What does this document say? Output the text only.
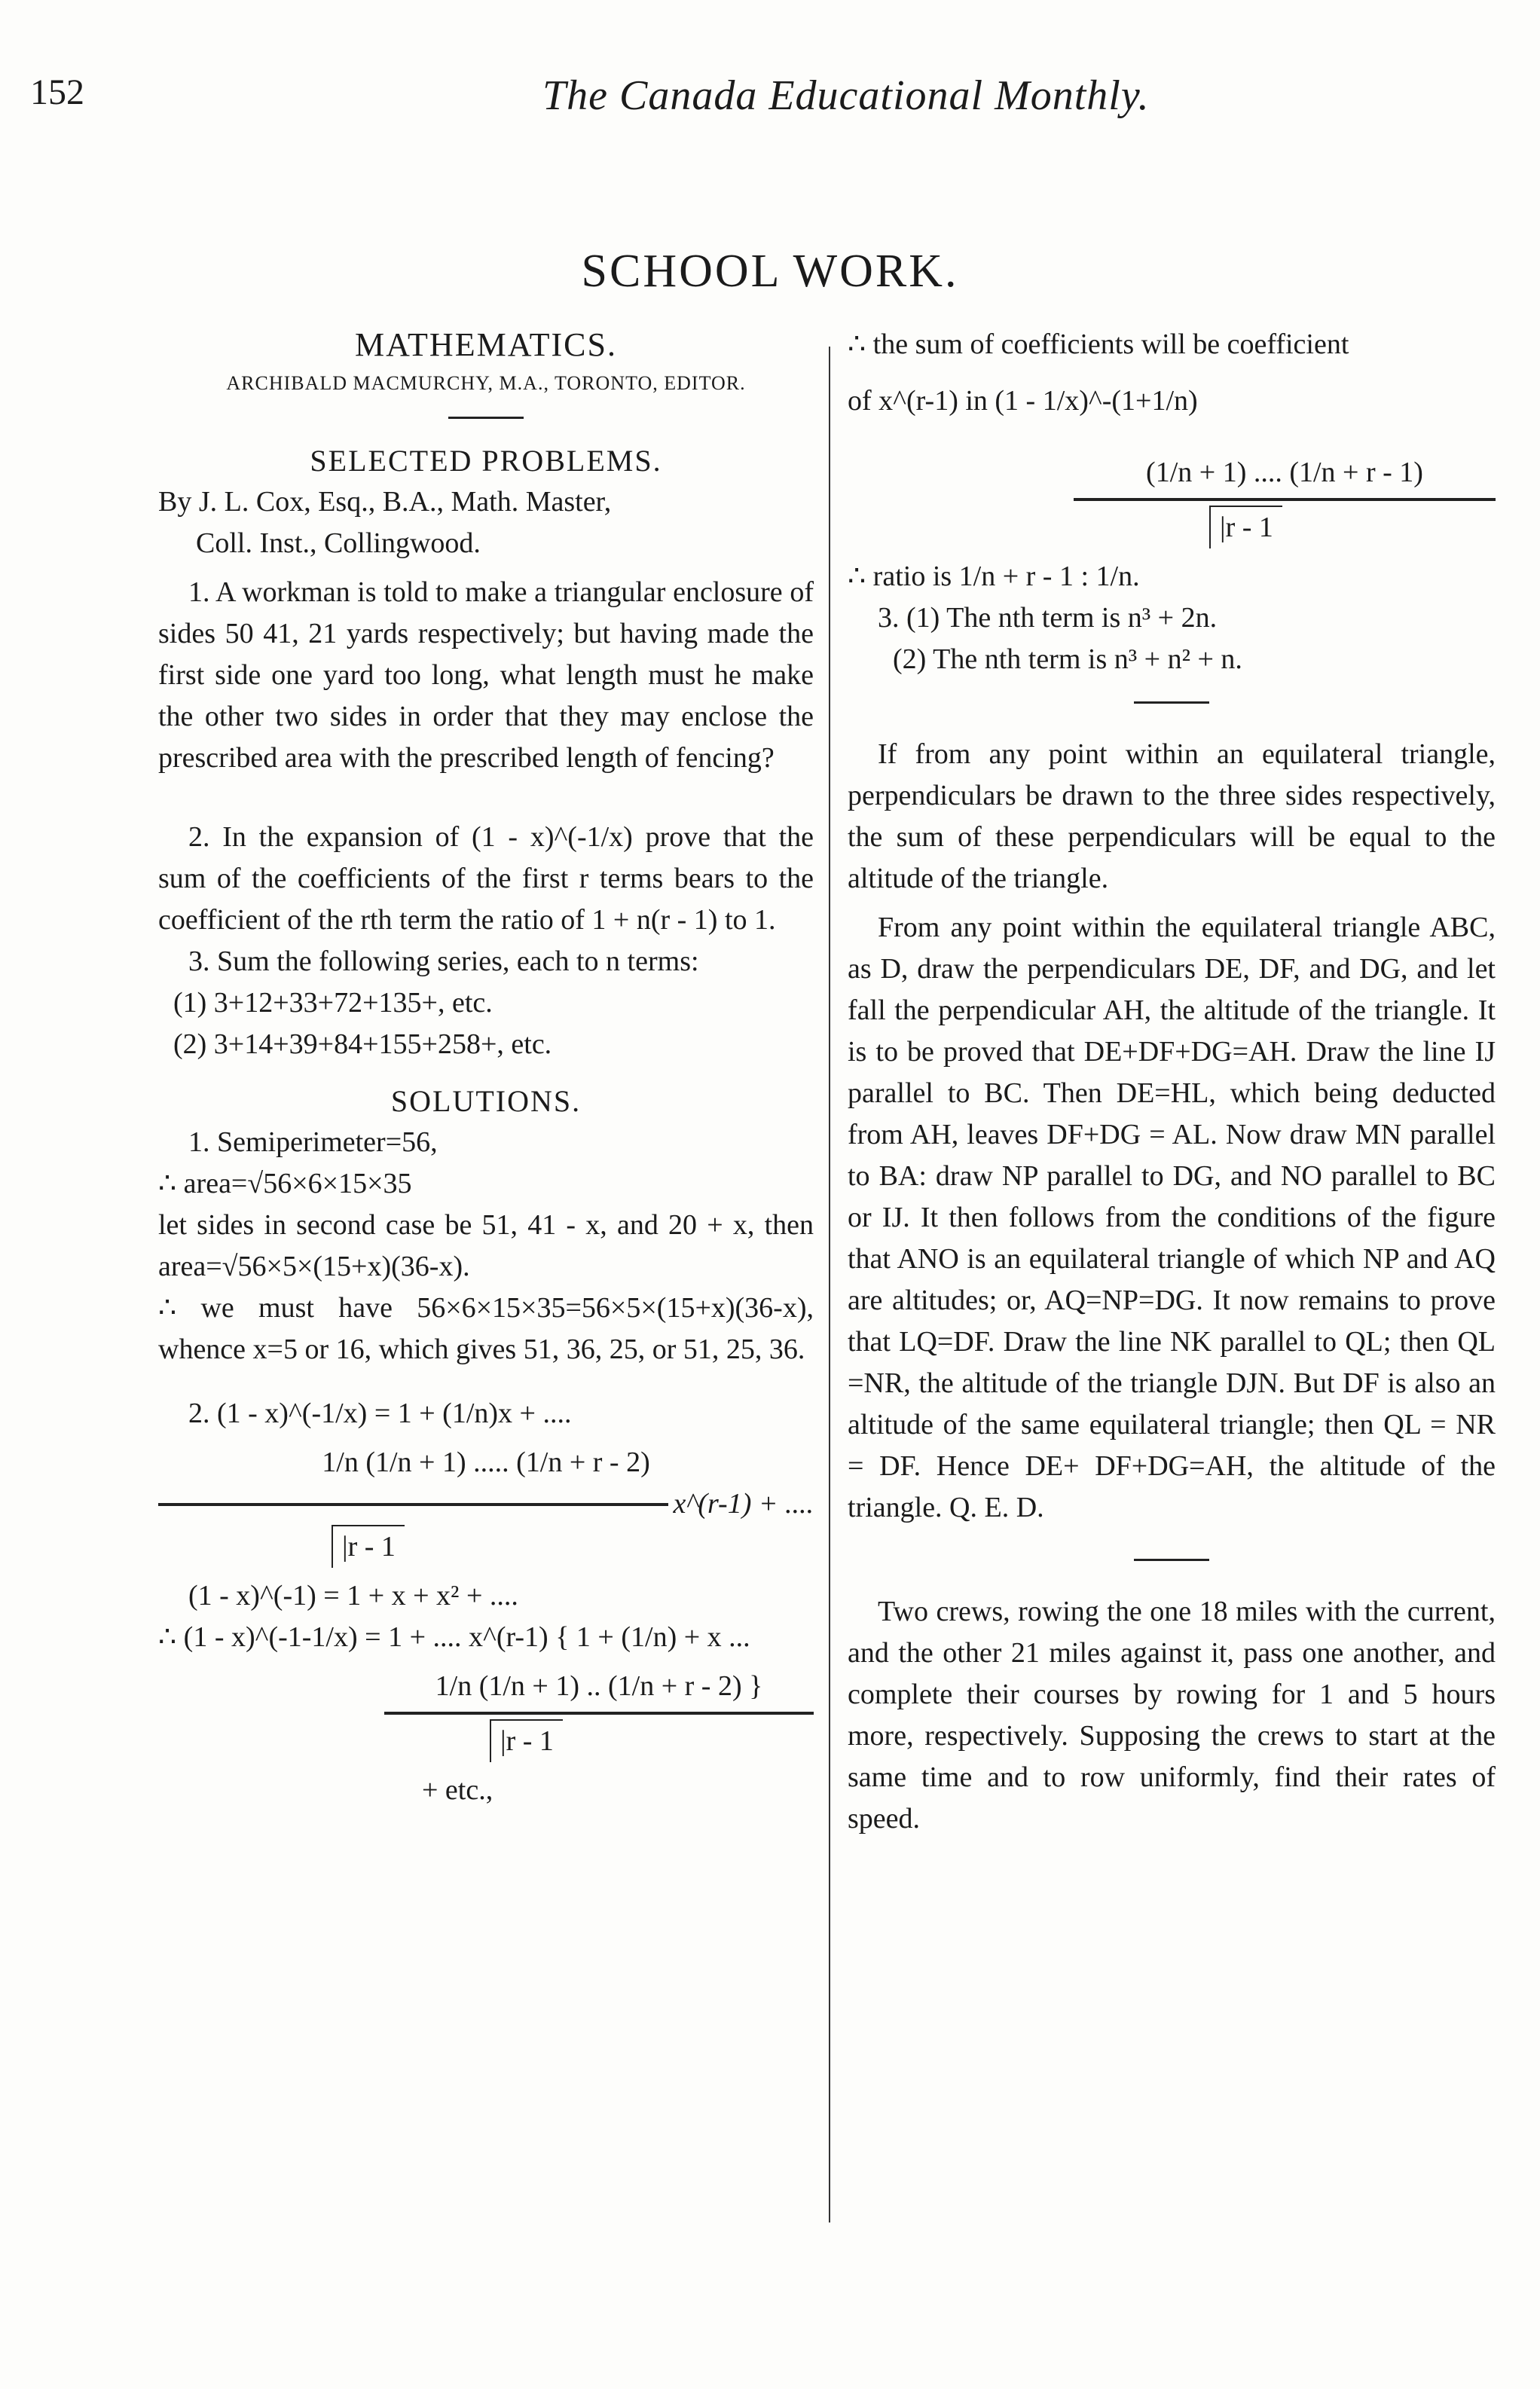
152	The Canada Educational Monthly.
SCHOOL WORK.

MATHEMATICS.

ARCHIBALD MACMURCHY, M.A., TORONTO, EDITOR.

SELECTED PROBLEMS.

By J. L. Cox, Esq., B.A., Math. Master,

Coll. Inst., Collingwood.

1. A workman is told to make a triangular enclosure of sides 50 41, 21 yards respectively; but having made the first side one yard too long, what length must he make the other two sides in order that they may enclose the prescribed area with the prescribed length of fencing?

2. In the expansion of (1 - x)^(-1/x) prove that the sum of the coefficients of the first r terms bears to the coefficient of the rth term the ratio of 1 + n(r - 1) to 1.

3. Sum the following series, each to n terms:

(1) 3+12+33+72+135+, etc.

(2) 3+14+39+84+155+258+, etc.

SOLUTIONS.

1. Semiperimeter=56,

∴ area=√56×6×15×35

let sides in second case be 51, 41 - x, and 20 + x, then area=√56×5×(15+x)(36-x).

∴ we must have 56×6×15×35=56×5×(15+x)(36-x), whence x=5 or 16, which gives 51, 36, 25, or 51, 25, 36.

2. (1 - x)^(-1/x) = 1 + (1/n)x + ....

1/n (1/n + 1) ..... (1/n + r - 2)
x^(r-1) + ....
|r - 1

(1 - x)^(-1) = 1 + x + x² + ....

∴ (1 - x)^(-1-1/x) = 1 + .... x^(r-1) { 1 + (1/n) + x ...

1/n (1/n + 1) .. (1/n + r - 2) }
|r - 1

+ etc.,

∴ the sum of coefficients will be coefficient

of x^(r-1) in (1 - 1/x)^-(1+1/n)

(1/n + 1) .... (1/n + r - 1)
|r - 1

∴ ratio is 1/n + r - 1 : 1/n.

3. (1) The nth term is n³ + 2n.

(2) The nth term is n³ + n² + n.

If from any point within an equilateral triangle, perpendiculars be drawn to the three sides respectively, the sum of these perpendiculars will be equal to the altitude of the triangle.

From any point within the equilateral triangle ABC, as D, draw the perpendiculars DE, DF, and DG, and let fall the perpendicular AH, the altitude of the triangle. It is to be proved that DE+DF+DG=AH. Draw the line IJ parallel to BC. Then DE=HL, which being deducted from AH, leaves DF+DG = AL. Now draw MN parallel to BA: draw NP parallel to DG, and NO parallel to BC or IJ. It then follows from the conditions of the figure that ANO is an equilateral triangle of which NP and AQ are altitudes; or, AQ=NP=DG. It now remains to prove that LQ=DF. Draw the line NK parallel to QL; then QL =NR, the altitude of the triangle DJN. But DF is also an altitude of the same equilateral triangle; then QL = NR = DF. Hence DE+ DF+DG=AH, the altitude of the triangle. Q. E. D.

Two crews, rowing the one 18 miles with the current, and the other 21 miles against it, pass one another, and complete their courses by rowing for 1 and 5 hours more, respectively. Supposing the crews to start at the same time and to row uniformly, find their rates of speed.
